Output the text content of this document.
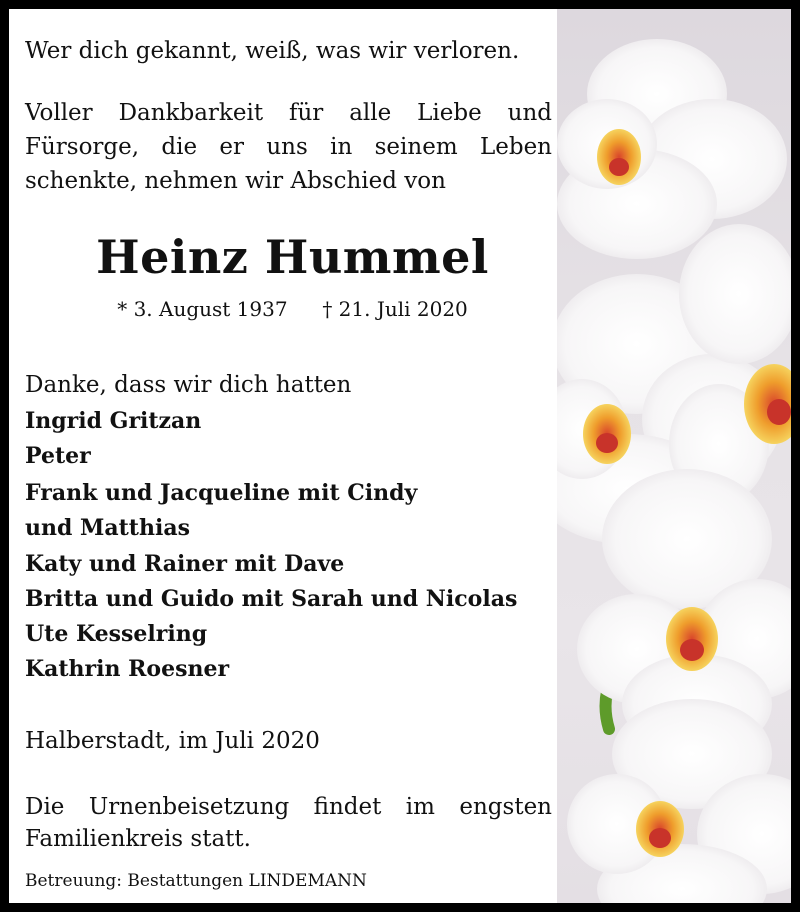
Wer dich gekannt, weiß, was wir verloren.
Voller Dankbarkeit für alle Liebe und
Fürsorge, die er uns in seinem Leben
schenkte, nehmen wir Abschied von
Heinz Hummel
* 3. August 1937 † 21. Juli 2020
Danke, dass wir dich hatten
Ingrid Gritzan
Peter
Frank und Jacqueline mit Cindy
und Matthias
Katy und Rainer mit Dave
Britta und Guido mit Sarah und Nicolas
Ute Kesselring
Kathrin Roesner
Halberstadt, im Juli 2020
Die Urnenbeisetzung findet im engsten
Familienkreis statt.
Betreuung: Bestattungen LINDEMANN
